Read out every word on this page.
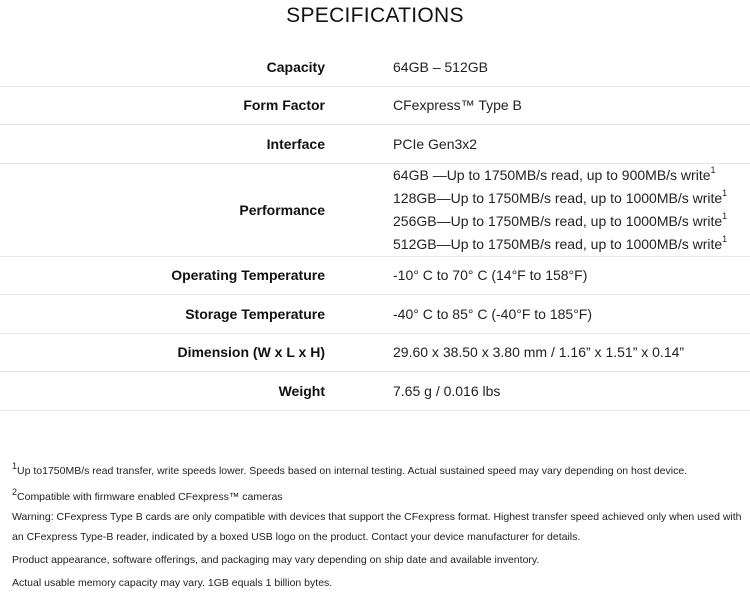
SPECIFICATIONS
Capacity	64GB – 512GB
Form Factor	CFexpress™ Type B
Interface	PCIe Gen3x2
Performance
64GB —Up to 1750MB/s read, up to 900MB/s write$^1$
128GB—Up to 1750MB/s read, up to 1000MB/s write$^1$
256GB—Up to 1750MB/s read, up to 1000MB/s write$^1$
512GB—Up to 1750MB/s read, up to 1000MB/s write$^1$
Operating Temperature	-10° C to 70° C (14°F to 158°F)
Storage Temperature	-40° C to 85° C (-40°F to 185°F)
Dimension (W x L x H)	29.60 x 38.50 x 3.80 mm / 1.16” x 1.51” x 0.14”
Weight	7.65 g / 0.016 lbs
$^1$Up to1750MB/s read transfer, write speeds lower. Speeds based on internal testing. Actual sustained speed may vary depending on host device.
$^2$Compatible with firmware enabled CFexpress™ cameras
Warning: CFexpress Type B cards are only compatible with devices that support the CFexpress format. Highest transfer speed achieved only when used with an CFexpress Type-B reader, indicated by a boxed USB logo on the product. Contact your device manufacturer for details.
Product appearance, software offerings, and packaging may vary depending on ship date and available inventory.
Actual usable memory capacity may vary. 1GB equals 1 billion bytes.
